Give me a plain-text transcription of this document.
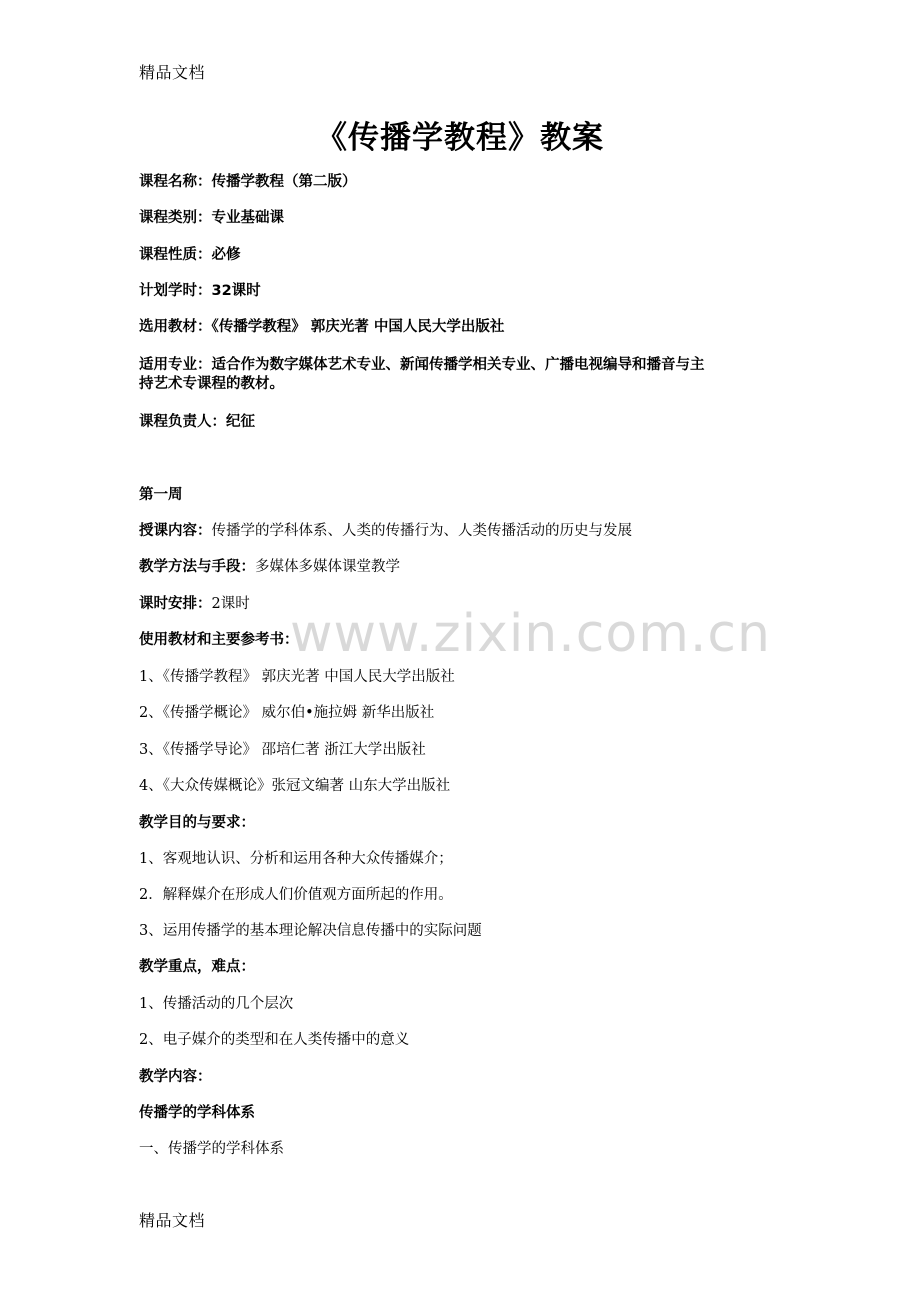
精品文档
《传播学教程》教案
课程名称：传播学教程（第二版）
课程类别：专业基础课
课程性质：必修
计划学时：32课时
选用教材：《传播学教程》 郭庆光著 中国人民大学出版社
适用专业：适合作为数字媒体艺术专业、新闻传播学相关专业、广播电视编导和播音与主
持艺术专课程的教材。
课程负责人：纪征
第一周
授课内容：传播学的学科体系、人类的传播行为、人类传播活动的历史与发展
教学方法与手段：多媒体多媒体课堂教学
课时安排：2课时
使用教材和主要参考书：
1、《传播学教程》 郭庆光著 中国人民大学出版社
2、《传播学概论》 威尔伯•施拉姆 新华出版社
3、《传播学导论》 邵培仁著 浙江大学出版社
4、《大众传媒概论》张冠文编著 山东大学出版社
教学目的与要求：
1、客观地认识、分析和运用各种大众传播媒介；
2．解释媒介在形成人们价值观方面所起的作用。
3、运用传播学的基本理论解决信息传播中的实际问题
教学重点，难点：
1、传播活动的几个层次
2、电子媒介的类型和在人类传播中的意义
教学内容：
传播学的学科体系
一、传播学的学科体系
www.zixin.com.cn
精品文档
